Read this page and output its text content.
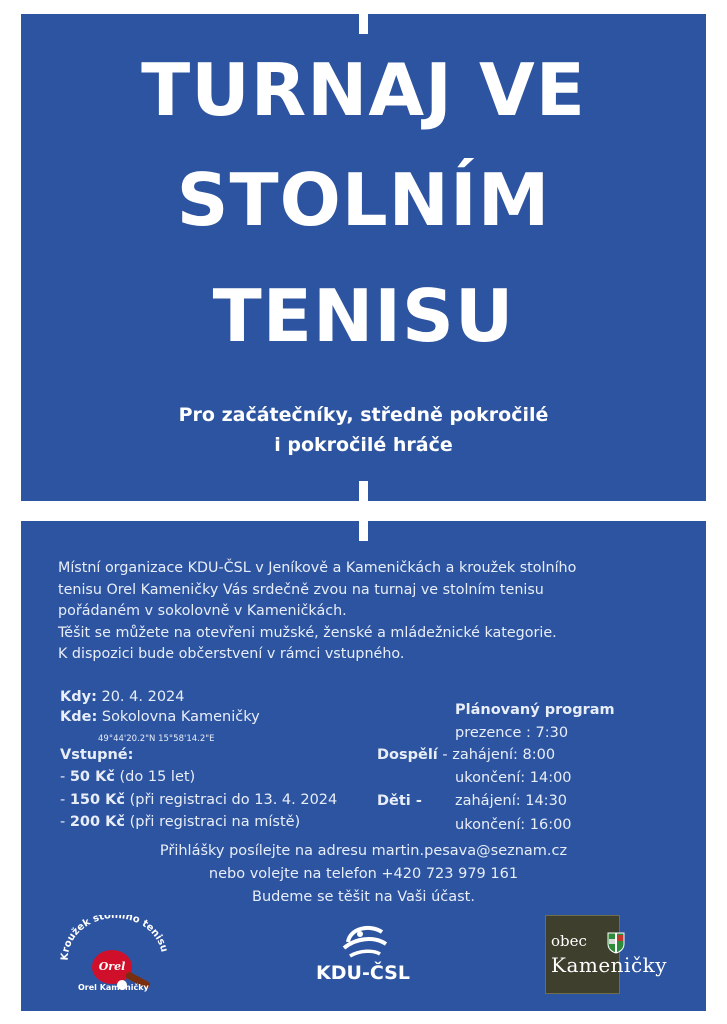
TURNAJ VE
STOLNÍM
TENISU
Pro začátečníky, středně pokročilé
i pokročilé hráče
Místní organizace KDU-ČSL v Jeníkově a Kameničkách a kroužek stolního
tenisu Orel Kameničky Vás srdečně zvou na turnaj ve stolním tenisu
pořádaném v sokolovně v Kameničkách.
Těšit se můžete na otevřeni mužské, ženské a mládežnické kategorie.
K dispozici bude občerstvení v rámci vstupného.
Kdy: 20. 4. 2024
Kde: Sokolovna Kameničky
49°44'20.2"N 15°58'14.2"E
Vstupné:
- 50 Kč (do 15 let)
- 150 Kč (při registraci do 13. 4. 2024
- 200 Kč (při registraci na místě)
Plánovaný program
prezence : 7:30
Dospělí - zahájení: 8:00
ukončení: 14:00
Děti - zahájení: 14:30
ukončení: 16:00
Přihlášky posílejte na adresu martin.pesava@seznam.cz
nebo volejte na telefon +420 723 979 161
Budeme se těšit na Vaši účast.
Kroužek stolního tenisu
Orel
Orel Kameničky
KDU-ČSL
obec
Kameničky
